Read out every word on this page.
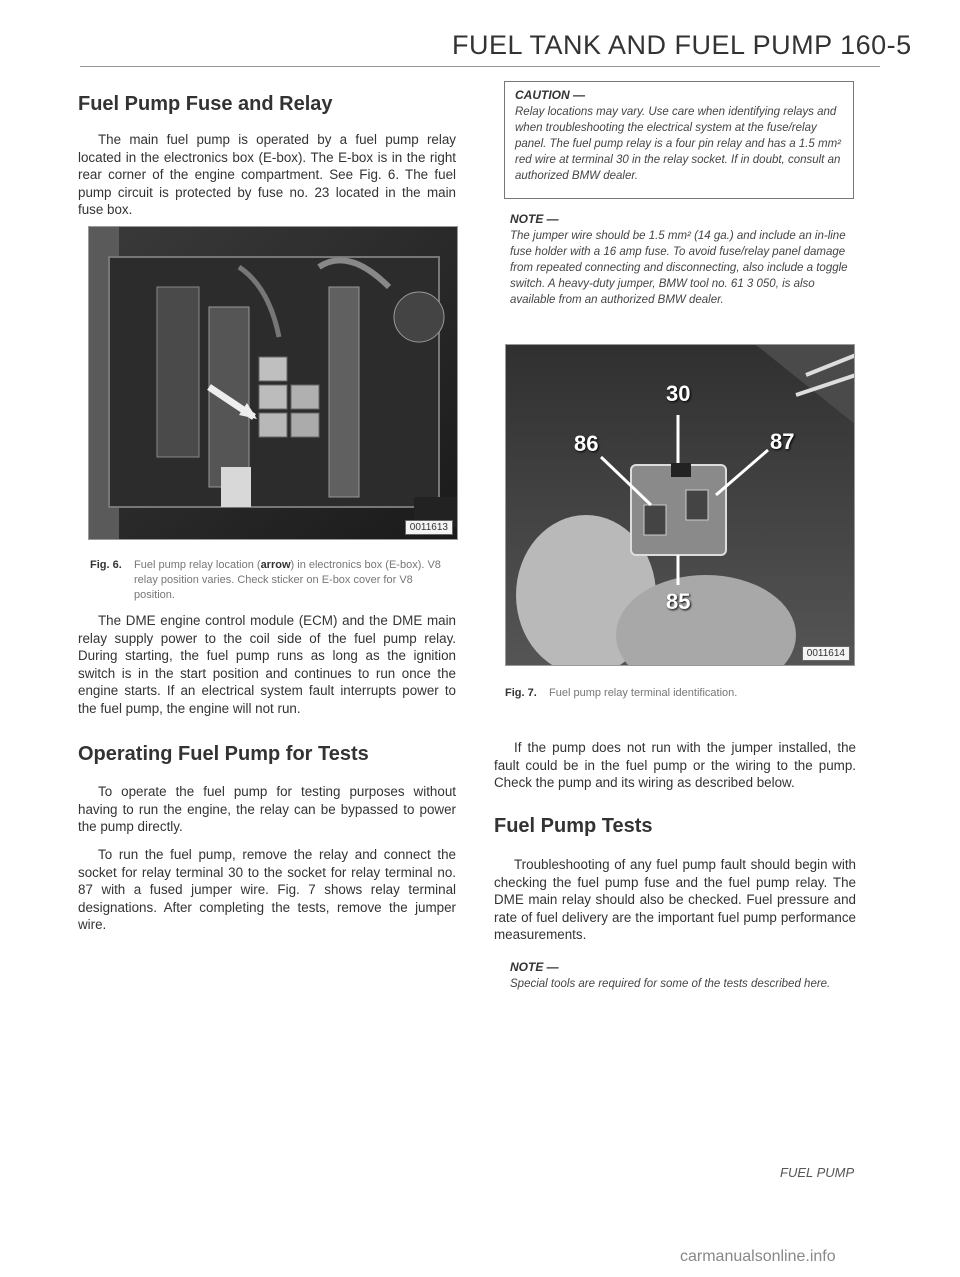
FUEL TANK AND FUEL PUMP 160-5
Fuel Pump Fuse and Relay

The main fuel pump is operated by a fuel pump relay located in the electronics box (E-box). The E-box is in the right rear corner of the engine compartment. See Fig. 6. The fuel pump circuit is protected by fuse no. 23 located in the main fuse box.

0011613
Fig. 6. Fuel pump relay location (arrow) in electronics box (E-box). V8 relay position varies. Check sticker on E-box cover for V8 position.

The DME engine control module (ECM) and the DME main relay supply power to the coil side of the fuel pump relay. During starting, the fuel pump runs as long as the ignition switch is in the start position and continues to run once the engine starts. If an electrical system fault interrupts power to the fuel pump, the engine will not run.

Operating Fuel Pump for Tests

To operate the fuel pump for testing purposes without having to run the engine, the relay can be bypassed to power the pump directly.

To run the fuel pump, remove the relay and connect the socket for relay terminal 30 to the socket for relay terminal no. 87 with a fused jumper wire. Fig. 7 shows relay terminal designations. After completing the tests, remove the jumper wire.

CAUTION —
Relay locations may vary. Use care when identifying relays and when troubleshooting the electrical system at the fuse/relay panel. The fuel pump relay is a four pin relay and has a 1.5 mm² red wire at terminal 30 in the relay socket. If in doubt, consult an authorized BMW dealer.
NOTE —
The jumper wire should be 1.5 mm² (14 ga.) and include an in-line fuse holder with a 16 amp fuse. To avoid fuse/relay panel damage from repeated connecting and disconnecting, also include a toggle switch. A heavy-duty jumper, BMW tool no. 61 3 050, is also available from an authorized BMW dealer.
30
86	87
85
0011614
Fig. 7. Fuel pump relay terminal identification.

If the pump does not run with the jumper installed, the fault could be in the fuel pump or the wiring to the pump. Check the pump and its wiring as described below.

Fuel Pump Tests

Troubleshooting of any fuel pump fault should begin with checking the fuel pump fuse and the fuel pump relay. The DME main relay should also be checked. Fuel pressure and rate of fuel delivery are the important fuel pump performance measurements.

NOTE —
Special tools are required for some of the tests described here.
FUEL PUMP
carmanualsonline.info
